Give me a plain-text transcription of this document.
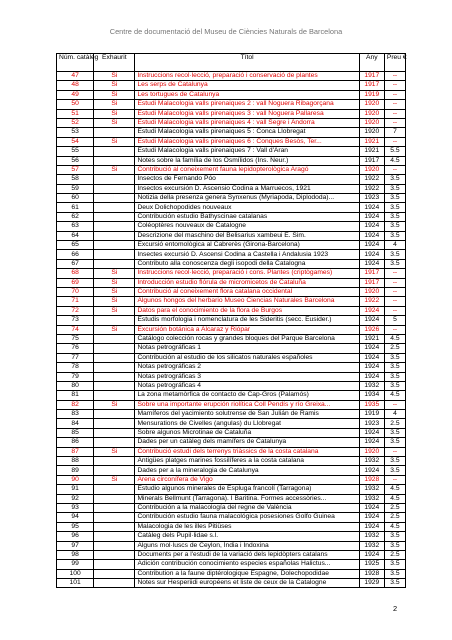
Centre de documentació del Museu de Ciències Naturals de Barcelona
Núm. catàleg	Exhaurit	Títol	Any	Preu €
47	Si	Instruccions recol·lecció, preparació i conservació de plantes	1917	--
48	Si	Les serps de Catalunya	1917	--
49	Si	Les tortugues de Catalunya	1919	--
50	Si	Estudi Malacologia valls pirenaiques 2 : vall Noguera Ribagorçana	1920	--
51	Si	Estudi Malacologia valls pirenaiques 3 : vall Noguera Pallaresa	1920	--
52	Si	Estudi Malacologia valls pirenaiques 4 : vall Segre i Andorra	1920	--
53		Estudi Malacologia valls pirenaiques 5 : Conca Llobregat	1920	7
54	Si	Estudi Malacologia valls pirenaiques 6 : Conques Besòs, Ter...	1921	--
55		Estudi Malacologia valls pirenaiques 7 : Vall d'Aran	1921	5.5
56		Notes sobre la família de los Osmílidos (Ins. Neur.)	1917	4.5
57	Si	Contribució al coneixement fauna lepidopterològica Aragó	1920	--
58		Insectos de Fernando Póo	1922	3.5
59		Insectos excursión D. Ascensio Codina a Marruecos, 1921	1922	3.5
60		Notizia della presenza genera Synxenus (Myriapoda, Diplododa)...	1923	3.5
61		Deux Dolichopodides nouveaux	1924	3.5
62		Contribución estudio Bathyscinae catalanas	1924	3.5
63		Coléoptères nouveaux de Catalogne	1924	3.5
64		Descrizione del maschino del Belisarius xambeui E. Sim.	1924	3.5
65		Excursió entomològica al Cabrerès (Girona-Barcelona)	1924	4
66		Insectes excursió D. Ascensi Codina a Castella i Andalusia 1923	1924	3.5
67		Contributo alla conoscenza degli isopodi della Catalogna	1924	3.5
68	Si	Instruccions recol·lecció, preparació i cons. Plantes (criptògames)	1917	--
69	Si	Introducción estudio flórula de micromicetos de Cataluña	1917	--
70	Si	Contribució al coneixement flora catalana occidental	1920	--
71	Si	Algunos hongos del herbario Museo Ciencias Naturales Barcelona	1922	--
72	Si	Datos para el conocimiento de la flora de Burgos	1924	--
73		Estudis morfologia i nomenclatura de les Sideritis (secc. Eusider.)	1924	5
74	Si	Excursión botánica a Alcaraz y Riópar	1926	--
75		Catálogo colección rocas y grandes bloques del Parque Barcelona	1921	4.5
76		Notas petrográficas 1	1924	2.5
77		Contribución al estudio de los silicatos naturales españoles	1924	3.5
78		Notas petrográficas 2	1924	3.5
79		Notas petrográficas 3	1924	3.5
80		Notas petrográficas 4	1932	3.5
81		La zona metamòrfica de contacto de Cap-Gros (Palamós)	1934	4.5
82	Si	Sobre una importante erupción riolítica Coll Pendís y río Greixa...	1935	--
83		Mamíferos del yacimiento solutrense de San Julián de Ramis	1919	4
84		Mensurations de Civelles (angulas) du Llobregat	1923	2.5
85		Sobre algunos Microtinae de Cataluña	1924	3.5
86		Dades per un catàleg dels mamífers de Catalunya	1924	3.5
87	Si	Contribució estudi dels terrenys triàssics de la costa catalana	1920	--
88		Antigües platges marines fossilíferes a la costa catalana	1932	3.5
89		Dades per a la mineralogia de Catalunya	1924	3.5
90	Si	Arena circonífera de Vigo	1928	--
91		Estudio algunos minerales de Espluga francolí (Tarragona)	1932	4.5
92		Minerals Bellmunt (Tarragona). I Baritina. Formes accessòries...	1932	4.5
93		Contribución a la malacología del regne de València	1924	2.5
94		Contribución estudio fauna malacológica posesiones Golfo Guinea	1924	2.5
95		Malacologia de les illes Pitiüses	1924	4.5
96		Catàleg dels Pupil·lidae s.l.	1932	3.5
97		Alguns mol·luscs de Ceylon, Índia i Indoxina	1932	3.5
98		Documents per a l'estudi de la variació dels lepidòpters catalans	1924	2.5
99		Adición contribución conocimiento especies españolas Halictus...	1925	3.5
100		Contribution a la faune diptérologique Espagne, Dolechopodidae	1928	3.5
101		Notes sur Hesperiidi européens et liste de ceux de la Catalogne	1929	3.5
2
